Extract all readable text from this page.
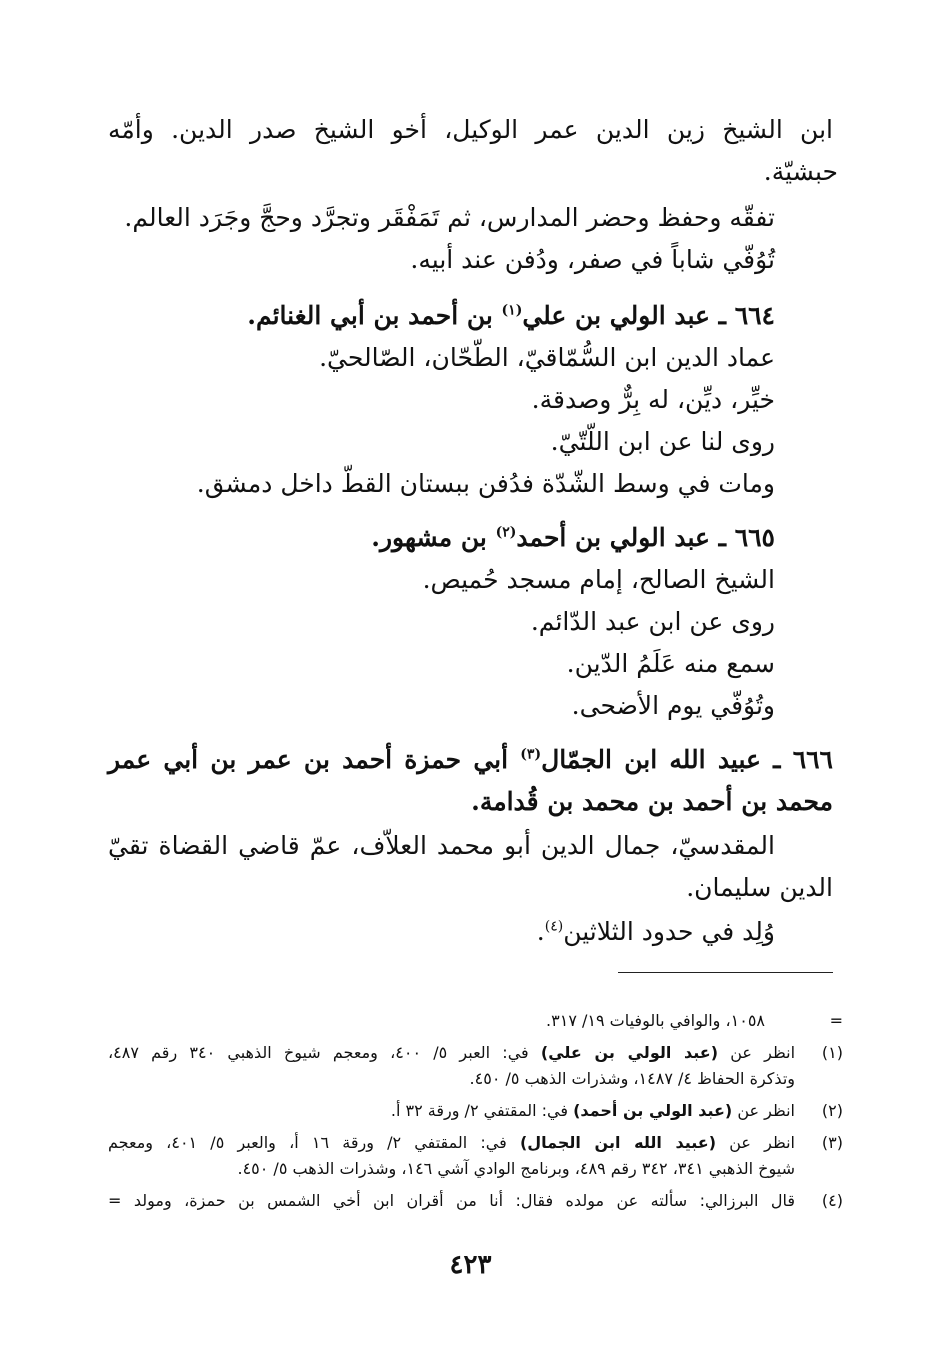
ابن الشيخ زين الدين عمر الوكيل، أخو الشيخ صدر الدين. وأمّه
حبشيّة.
تفقّه وحفظ وحضر المدارس، ثم تَمَفْقَر وتجرَّد وحجَّ وجَرَد العالم.
تُوُفّي شاباً في صفر، ودُفن عند أبيه.
٦٦٤ ـ عبد الولي بن علي$^{(١)}$ بن أحمد بن أبي الغنائم.
عماد الدين ابن السُّمّاقيّ، الطّحّان، الصّالحيّ.
خيِّر، ديِّن، له بِرٌّ وصدقة.
روى لنا عن ابن اللّتّيّ.
ومات في وسط الشّدّة فدُفن ببستان القطّ داخل دمشق.
٦٦٥ ـ عبد الولي بن أحمد$^{(٢)}$ بن مشهور.
الشيخ الصالح، إمام مسجد حُميص.
روى عن ابن عبد الدّائم.
سمع منه عَلَمُ الدّين.
وتُوُفّي يوم الأضحى.
٦٦٦ ـ عبيد الله ابن الجمّال$^{(٣)}$ أبي حمزة أحمد بن عمر بن أبي عمر
محمد بن أحمد بن محمد بن قُدامة.
المقدسيّ، جمال الدين أبو محمد العلاّف، عمّ قاضي القضاة تقيّ
الدين سليمان.
وُلِد في حدود الثلاثين$^{(٤)}$.
=
١٠٥٨، والوافي بالوفيات ١٩/ ٣١٧.
(١)
انظر عن (عبد الولي بن علي) في: العبر ٥/ ٤٠٠، ومعجم شيوخ الذهبي ٣٤٠ رقم ٤٨٧،
وتذكرة الحفاظ ٤/ ١٤٨٧، وشذرات الذهب ٥/ ٤٥٠.
(٢)
انظر عن (عبد الولي بن أحمد) في: المقتفي ٢/ ورقة ٣٢ أ.
(٣)
انظر عن (عبيد الله ابن الجمال) في: المقتفي ٢/ ورقة ١٦ أ، والعبر ٥/ ٤٠١، ومعجم
شيوخ الذهبي ٣٤١، ٣٤٢ رقم ٤٨٩، وبرنامج الوادي آشي ١٤٦، وشذرات الذهب ٥/ ٤٥٠.
(٤)
قال البرزالي: سألته عن مولده فقال: أنا من أقران ابن أخي الشمس بن حمزة، ومولد =
٤٢٣
